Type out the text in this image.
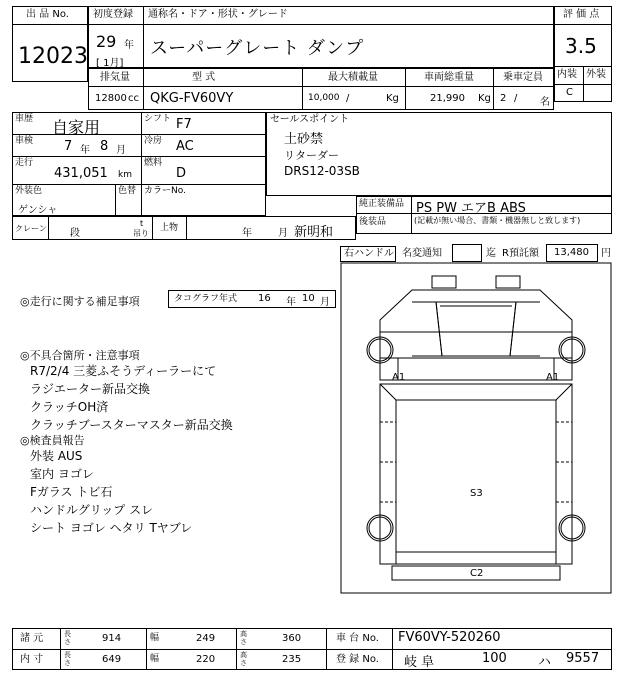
出 品 No.
12023
初度登録 通称名・ドア・形状・グレード
29 年
[ 1月]
スーパーグレート ダンプ
評 価 点
3.5
内装 外装
C
排気量	型 式	最大積載量	車両総重量	乗車定員
12800 cc QKG-FV60VY	10,000 /	Kg	21,990 Kg 2 / 名
車歴 自家用	シフト F7
車検 7 年 8 月
冷房 AC
走行
431,051 km
燃料
D
外装色
ゲンシャ
色替 カラーNo.
セールスポイント
土砂禁
リターダー
DRS12-03SB
純正装備品 PS PW エアB ABS
後装品	(記載が無い場合、書類・機器無しと致します)
クレーン 段
t
吊り
上物	年	月 新明和
右ハンドル 名変通知	迄 R預託額 13,480 円
◎走行に関する補足事項	タコグラフ年式 16 年 10 月
◎不具合箇所・注意事項
R7/2/4 三菱ふそうディーラーにて
ラジエーター新品交換
クラッチOH済
クラッチブースターマスター新品交換
◎検査員報告
外装 AUS
室内 ヨゴレ
Fガラス トビ石
ハンドルグリップ スレ
シート ヨゴレ ヘタリ Tヤブレ
A1	A1
S3
C2
諸 元
内 寸
長さ	914	幅	249	高さ	360
長さ	649	幅	220	高さ	235
車 台 No. FV60VY-520260
登 録 No. 岐 阜	100 ハ 9557
